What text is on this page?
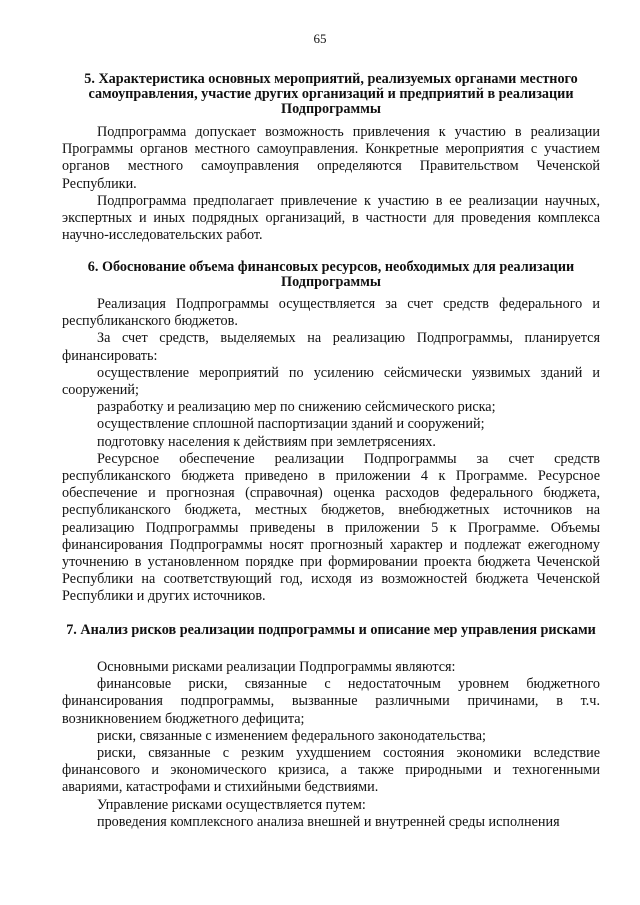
65
5. Характеристика основных мероприятий, реализуемых органами местного самоуправления, участие других организаций и предприятий в реализации Подпрограммы

Подпрограмма допускает возможность привлечения к участию в реализации Программы органов местного самоуправления. Конкретные мероприятия с участием органов местного самоуправления определяются Правительством Чеченской Республики.

Подпрограмма предполагает привлечение к участию в ее реализации научных, экспертных и иных подрядных организаций, в частности для проведения комплекса научно-исследовательских работ.

6. Обоснование объема финансовых ресурсов, необходимых для реализации Подпрограммы

Реализация Подпрограммы осуществляется за счет средств федерального и республиканского бюджетов.

За счет средств, выделяемых на реализацию Подпрограммы, планируется финансировать:

осуществление мероприятий по усилению сейсмически уязвимых зданий и сооружений;

разработку и реализацию мер по снижению сейсмического риска;

осуществление сплошной паспортизации зданий и сооружений;

подготовку населения к действиям при землетрясениях.

Ресурсное обеспечение реализации Подпрограммы за счет средств республиканского бюджета приведено в приложении 4 к Программе. Ресурсное обеспечение и прогнозная (справочная) оценка расходов федерального бюджета, республиканского бюджета, местных бюджетов, внебюджетных источников на реализацию Подпрограммы приведены в приложении 5 к Программе. Объемы финансирования Подпрограммы носят прогнозный характер и подлежат ежегодному уточнению в установленном порядке при формировании проекта бюджета Чеченской Республики на соответствующий год, исходя из возможностей бюджета Чеченской Республики и других источников.

7. Анализ рисков реализации подпрограммы и описание мер управления рисками

Основными рисками реализации Подпрограммы являются:

финансовые риски, связанные с недостаточным уровнем бюджетного финансирования подпрограммы, вызванные различными причинами, в т.ч. возникновением бюджетного дефицита;

риски, связанные с изменением федерального законодательства;

риски, связанные с резким ухудшением состояния экономики вследствие финансового и экономического кризиса, а также природными и техногенными авариями, катастрофами и стихийными бедствиями.

Управление рисками осуществляется путем:

проведения комплексного анализа внешней и внутренней среды исполнения
